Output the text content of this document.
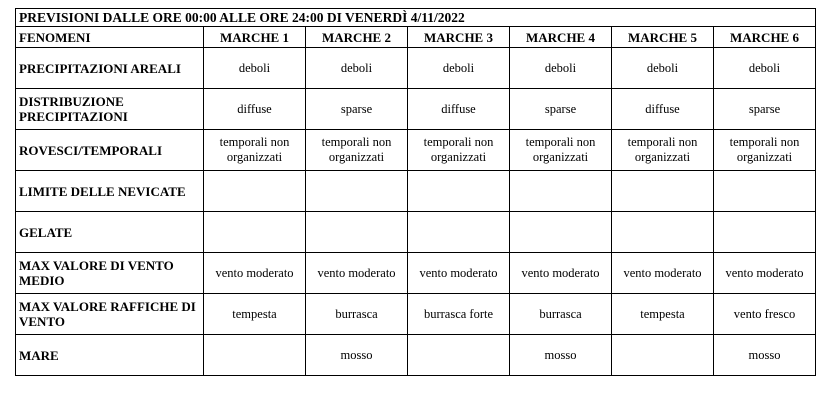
PREVISIONI DALLE ORE 00:00 ALLE ORE 24:00 DI VENERDÌ 4/11/2022						
FENOMENI	MARCHE 1	MARCHE 2	MARCHE 3	MARCHE 4	MARCHE 5	MARCHE 6
PRECIPITAZIONI AREALI	deboli	deboli	deboli	deboli	deboli	deboli
DISTRIBUZIONE PRECIPITAZIONI	diffuse	sparse	diffuse	sparse	diffuse	sparse
ROVESCI/TEMPORALI	temporali non organizzati	temporali non organizzati	temporali non organizzati	temporali non organizzati	temporali non organizzati	temporali non organizzati
LIMITE DELLE NEVICATE						
GELATE						
MAX VALORE DI VENTO MEDIO	vento moderato	vento moderato	vento moderato	vento moderato	vento moderato	vento moderato
MAX VALORE RAFFICHE DI VENTO	tempesta	burrasca	burrasca forte	burrasca	tempesta	vento fresco
MARE		mosso		mosso		mosso
